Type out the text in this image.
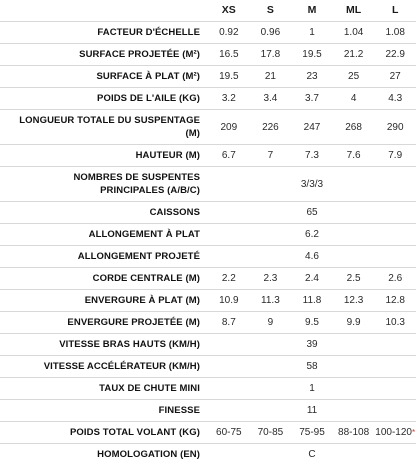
	XS	S	M	ML	L
FACTEUR D'ÉCHELLE	0.92	0.96	1	1.04	1.08
SURFACE PROJETÉE (M²)	16.5	17.8	19.5	21.2	22.9
SURFACE À PLAT (M²)	19.5	21	23	25	27
POIDS DE L'AILE (KG)	3.2	3.4	3.7	4	4.3
LONGUEUR TOTALE DU SUSPENTAGE (M)	209	226	247	268	290
HAUTEUR (M)	6.7	7	7.3	7.6	7.9
NOMBRES DE SUSPENTES PRINCIPALES (A/B/C)	3/3/3				
CAISSONS	65				
ALLONGEMENT À PLAT	6.2				
ALLONGEMENT PROJETÉ	4.6				
CORDE CENTRALE (M)	2.2	2.3	2.4	2.5	2.6
ENVERGURE À PLAT (M)	10.9	11.3	11.8	12.3	12.8
ENVERGURE PROJETÉE (M)	8.7	9	9.5	9.9	10.3
VITESSE BRAS HAUTS (KM/H)	39				
VITESSE ACCÉLÉRATEUR (KM/H)	58				
TAUX DE CHUTE MINI	1				
FINESSE	11				
POIDS TOTAL VOLANT (KG)	60-75	70-85	75-95	88-108	100-120*
HOMOLOGATION (EN)	C				
